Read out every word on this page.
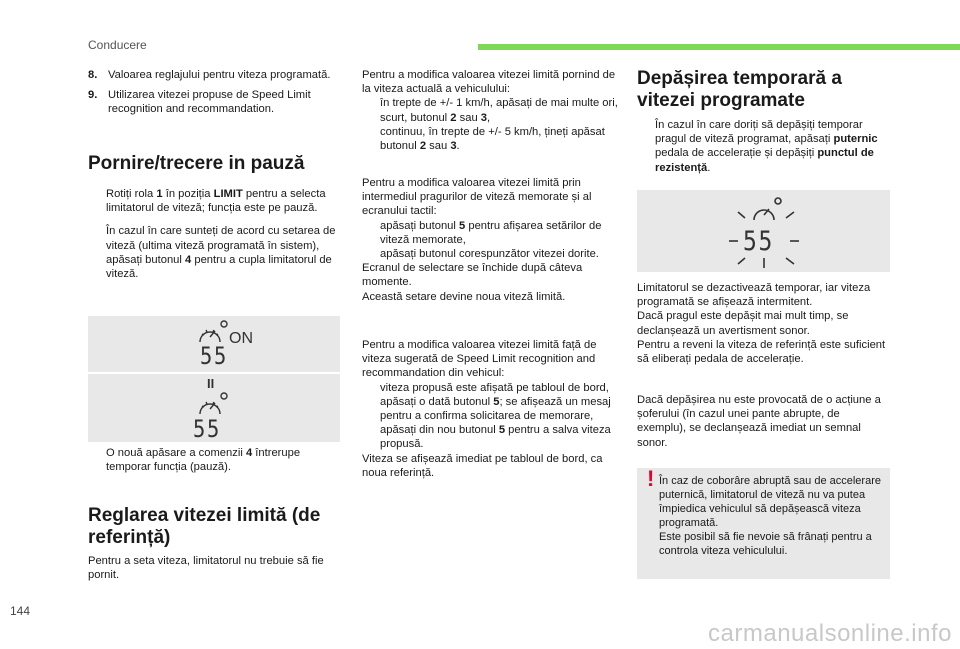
Conducere
8. Valoarea reglajului pentru viteza programată.
9. Utilizarea vitezei propuse de Speed Limit recognition and recommandation.
Pornire/trecere in pauză
Rotiți rola 1 în poziția LIMIT pentru a selecta limitatorul de viteză; funcția este pe pauză.
În cazul în care sunteți de acord cu setarea de viteză (ultima viteză programată în sistem), apăsați butonul 4 pentru a cupla limitatorul de viteză.
55
ON
II
55
O nouă apăsare a comenzii 4 întrerupe temporar funcția (pauză).
Reglarea vitezei limită (de referință)

Pentru a seta viteza, limitatorul nu trebuie să fie pornit.

Pentru a modifica valoarea vitezei limită pornind de la viteza actuală a vehiculului:

în trepte de +/- 1 km/h, apăsați de mai multe ori, scurt, butonul 2 sau 3,
continuu, în trepte de +/- 5 km/h, țineți apăsat butonul 2 sau 3.

Pentru a modifica valoarea vitezei limită prin intermediul pragurilor de viteză memorate și al ecranului tactil:

apăsați butonul 5 pentru afișarea setărilor de viteză memorate,
apăsați butonul corespunzător vitezei dorite.

Ecranul de selectare se închide după câteva momente.

Această setare devine noua viteză limită.

Pentru a modifica valoarea vitezei limită față de viteza sugerată de Speed Limit recognition and recommandation din vehicul:

viteza propusă este afișată pe tabloul de bord,
apăsați o dată butonul 5; se afișează un mesaj pentru a confirma solicitarea de memorare,
apăsați din nou butonul 5 pentru a salva viteza propusă.

Viteza se afișează imediat pe tabloul de bord, ca noua referință.

Depășirea temporară a vitezei programate
În cazul în care doriți să depășiți temporar pragul de viteză programat, apăsați puternic pedala de accelerație și depășiți punctul de rezistență.
55

Limitatorul se dezactivează temporar, iar viteza programată se afișează intermitent.

Dacă pragul este depășit mai mult timp, se declanșează un avertisment sonor.

Pentru a reveni la viteza de referință este suficient să eliberați pedala de accelerație.

Dacă depășirea nu este provocată de o acțiune a șoferului (în cazul unei pante abrupte, de exemplu), se declanșează imediat un semnal sonor.

! În caz de coborâre abruptă sau de accelerare puternică, limitatorul de viteză nu va putea împiedica vehiculul să depășească viteza programată.

Este posibil să fie nevoie să frânați pentru a controla viteza vehiculului.

144
carmanualsonline.info
